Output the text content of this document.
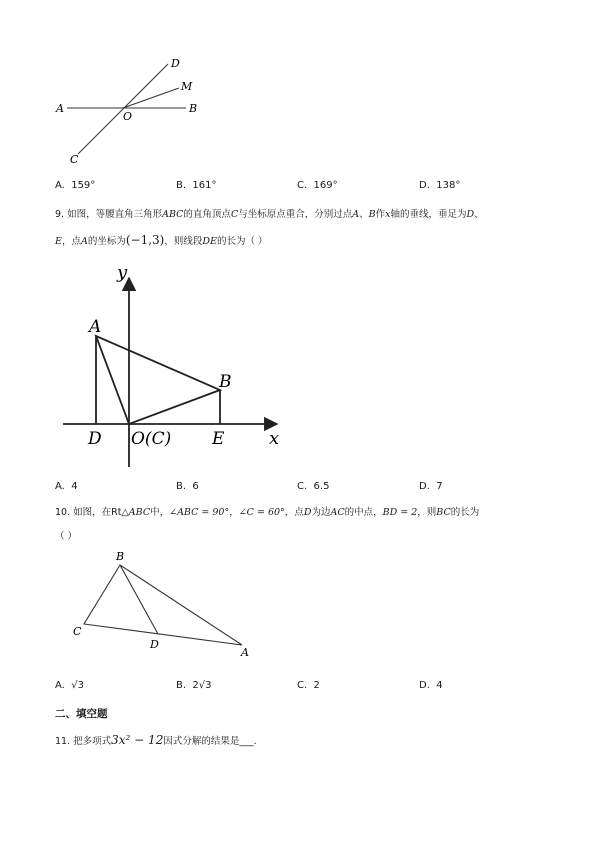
D
M
A
O
B
C
A. 159°	B. 161°	C. 169°	D. 138°
9. 如图，等腰直角三角形ABC的直角顶点C与坐标原点重合，分别过点A、B作x轴的垂线，垂足为D、
E，点A的坐标为(−1,3)，则线段DE的长为（ ）
y
A
B
D O(C) E x
A. 4	B. 6	C. 6.5	D. 7
10. 如图，在Rt△ABC中，∠ABC = 90°，∠C = 60°，点D为边AC的中点，BD = 2，则BC的长为
（ ）
B
C
D
A
A. √3	B. 2√3	C. 2	D. 4
二、填空题
11. 把多项式3x² − 12因式分解的结果是___.
